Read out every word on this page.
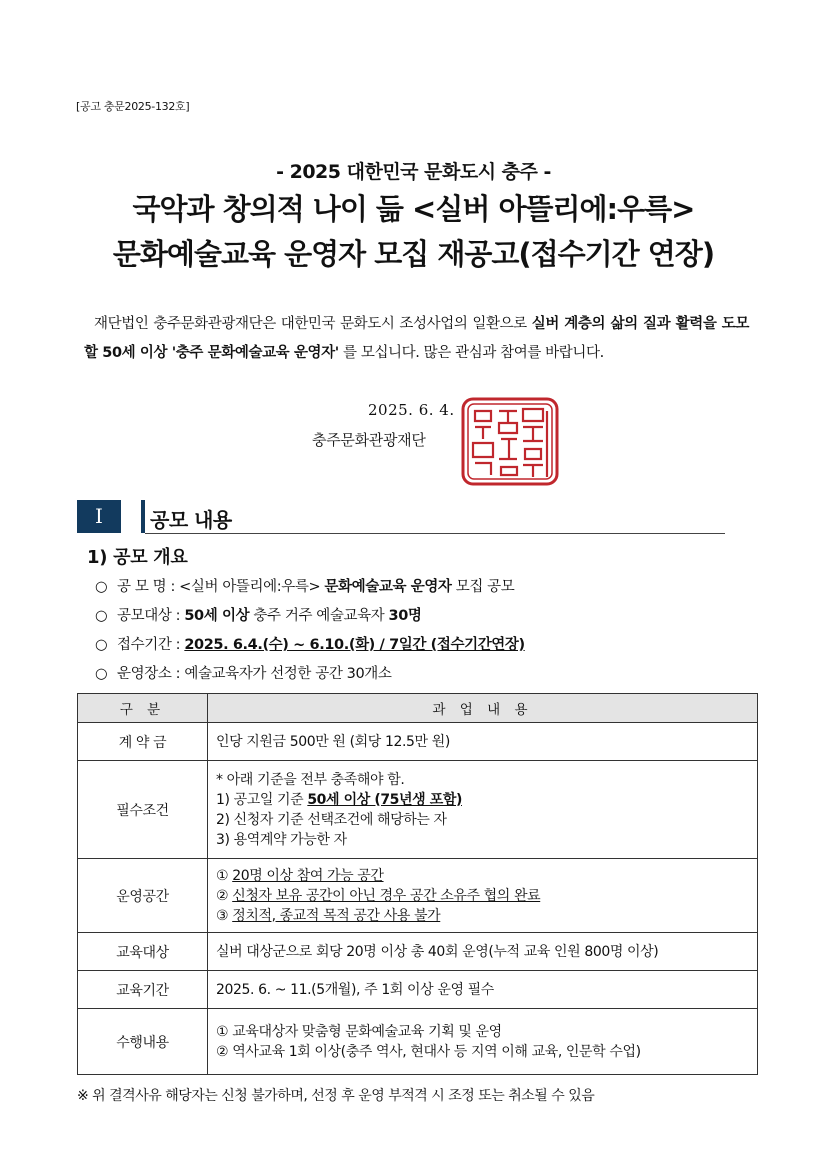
[공고 충문2025-132호]
- 2025 대한민국 문화도시 충주 -
국악과 창의적 나이 듦 <실버 아뜰리에:우륵>
문화예술교육 운영자 모집 재공고(접수기간 연장)

재단법인 충주문화관광재단은 대한민국 문화도시 조성사업의 일환으로 실버 계층의 삶의 질과 활력을 도모할 50세 이상 '충주 문화예술교육 운영자' 를 모십니다. 많은 관심과 참여를 바랍니다.

2025. 6. 4.
충주문화관광재단
Ⅰ	공모 내용
1) 공모 개요
○ 공 모 명 : <실버 아뜰리에:우륵> 문화예술교육 운영자 모집 공모
○ 공모대상 : 50세 이상 충주 거주 예술교육자 30명
○ 접수기간 : 2025. 6.4.(수) ~ 6.10.(화) / 7일간 (접수기간연장)
○ 운영장소 : 예술교육자가 선정한 공간 30개소
구 분	과 업 내 용
계 약 금	인당 지원금 500만 원 (회당 12.5만 원)

필수조건	* 아래 기준을 전부 충족해야 함.
1) 공고일 기준 50세 이상 (75년생 포함)
2) 신청자 기준 선택조건에 해당하는 자
3) 용역계약 가능한 자

운영공간	① 20명 이상 참여 가능 공간
② 신청자 보유 공간이 아닌 경우 공간 소유주 협의 완료
③ 정치적, 종교적 목적 공간 사용 불가

교육대상	실버 대상군으로 회당 20명 이상 총 40회 운영(누적 교육 인원 800명 이상)

교육기간	2025. 6. ~ 11.(5개월), 주 1회 이상 운영 필수

수행내용	① 교육대상자 맞춤형 문화예술교육 기획 및 운영
② 역사교육 1회 이상(충주 역사, 현대사 등 지역 이해 교육, 인문학 수업)
※ 위 결격사유 해당자는 신청 불가하며, 선정 후 운영 부적격 시 조정 또는 취소될 수 있음
